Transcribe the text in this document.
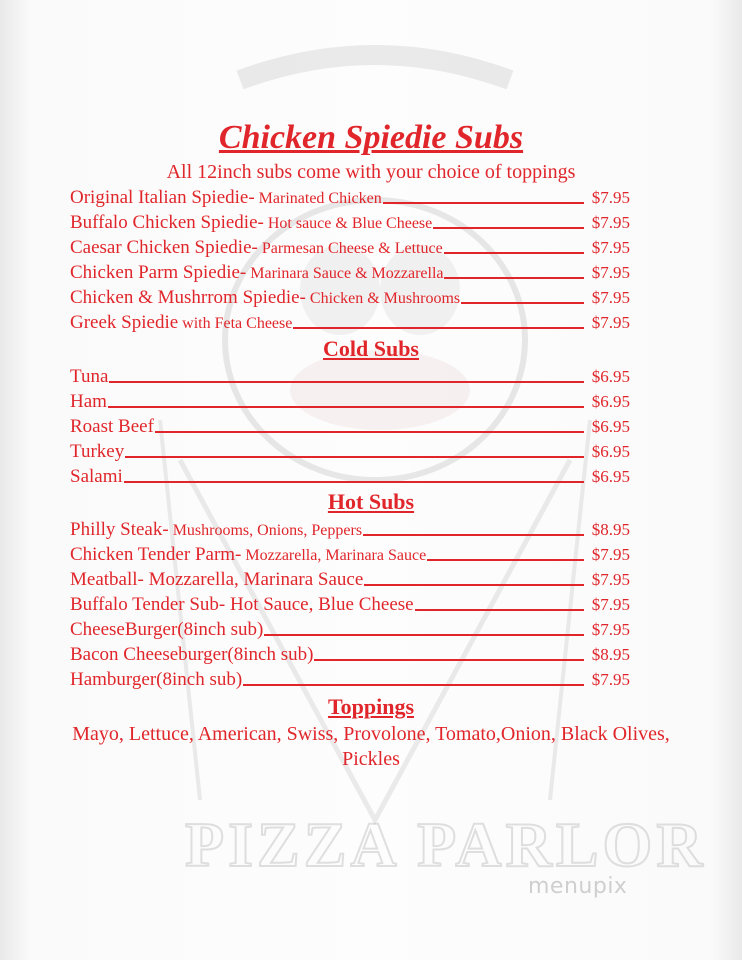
PIZZA PARLOR
menupix
Chicken Spiedie Subs
All 12inch subs come with your choice of toppings
Original Italian Spiedie- Marinated Chicken	$7.95
Buffalo Chicken Spiedie- Hot sauce & Blue Cheese	$7.95
Caesar Chicken Spiedie- Parmesan Cheese & Lettuce	$7.95
Chicken Parm Spiedie- Marinara Sauce & Mozzarella	$7.95
Chicken & Mushrrom Spiedie- Chicken & Mushrooms	$7.95
Greek Spiedie with Feta Cheese	$7.95
Cold Subs
Tuna	$6.95
Ham	$6.95
Roast Beef	$6.95
Turkey	$6.95
Salami	$6.95
Hot Subs
Philly Steak- Mushrooms, Onions, Peppers	$8.95
Chicken Tender Parm- Mozzarella, Marinara Sauce	$7.95
Meatball- Mozzarella, Marinara Sauce	$7.95
Buffalo Tender Sub- Hot Sauce, Blue Cheese	$7.95
CheeseBurger(8inch sub)	$7.95
Bacon Cheeseburger(8inch sub)	$8.95
Hamburger(8inch sub)	$7.95
Toppings
Mayo, Lettuce, American, Swiss, Provolone, Tomato,Onion, Black Olives, Pickles
